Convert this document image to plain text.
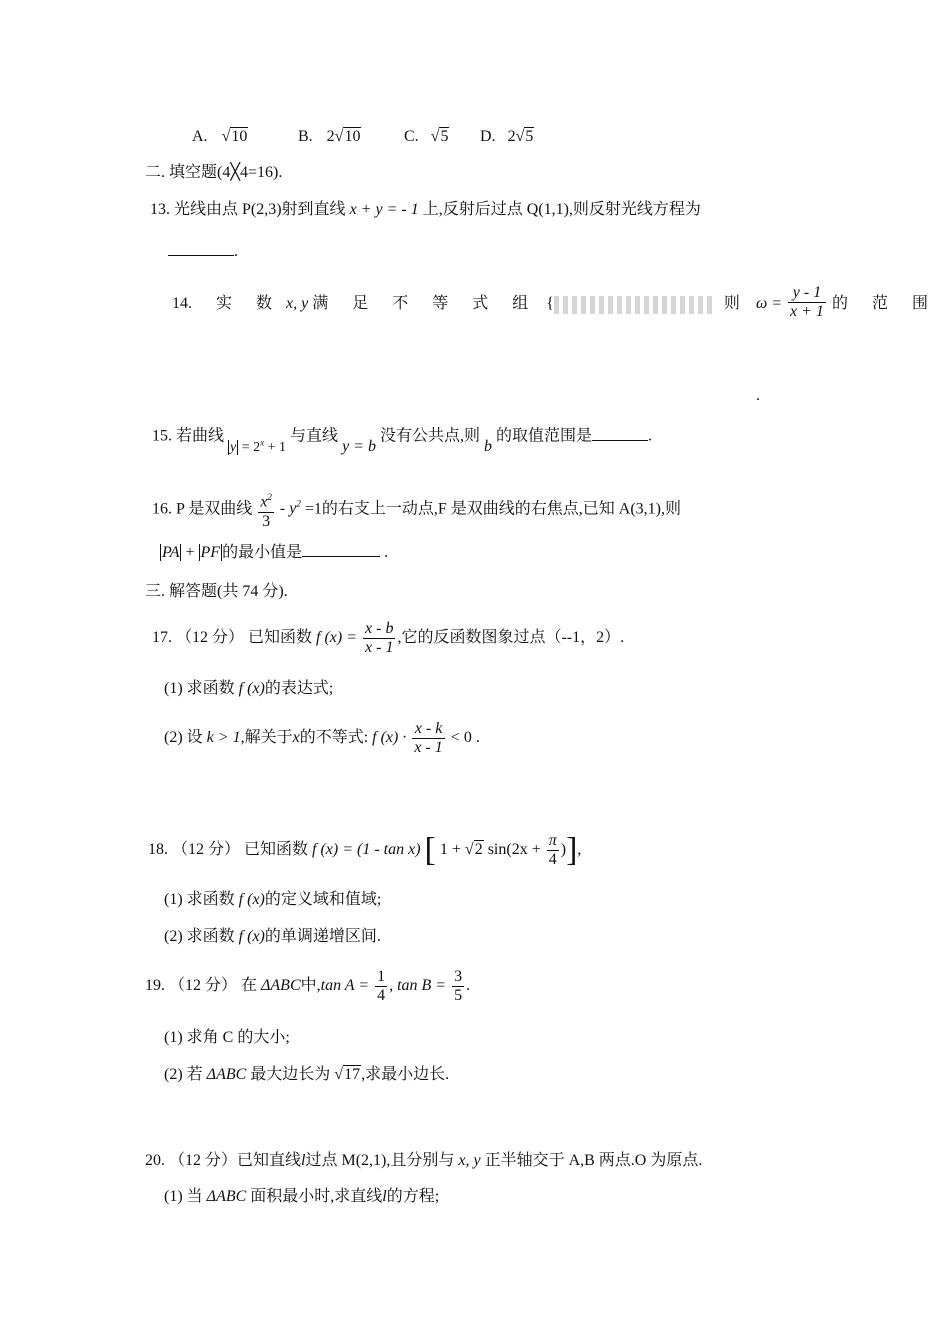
A. √10	B. 2√10	C. √5 D. 2√5
二. 填空题(4╳4=16).
13. 光线由点 P(2,3)射到直线 x + y = - 1 上,反射后过点 Q(1,1),则反射光线方程为
.
14. 实 数 x, y 满 足 不 等 式 组 {	则 $\omega = \frac{y - 1}{x + 1}$ 的 范 围
.
15. 若曲线 $y = 2^x + 1$ 与直线 y = b 没有公共点,则 b 的取值范围是	.
16. P 是双曲线 $\frac{x^2}{3} - y^2 =1$的右支上一动点,F 是双曲线的右焦点,已知 A(3,1),则
PA + PF 的最小值是	.
三. 解答题(共 74 分).
17. （12 分） 已知函数 f $(x) = \frac{x - b}{x - 1}$ ,它的反函数图象过点（--1，2）.
(1) 求函数 f (x)的表达式;
(2) 设 k > 1,解关于x的不等式: f $(x) \cdot \frac{x - k}{x - 1} < 0$ .
18. （12 分） 已知函数 f (x) = (1 - tan x) [ 1 + √2 $\sin(2x + \frac{\pi}{4}$ )],
(1) 求函数 f (x)的定义域和值域;
(2) 求函数 f (x)的单调递增区间.
19. （12 分） 在 ΔABC中,tan $A = \frac{1}{4}$ , $\tan B = \frac{3}{5}$ .
(1) 求角 C 的大小;
(2) 若 ΔABC 最大边长为 √17,求最小边长.
20. （12 分）已知直线l过点 M(2,1),且分别与 x, y 正半轴交于 A,B 两点.O 为原点.
(1) 当 ΔABC 面积最小时,求直线l的方程;
